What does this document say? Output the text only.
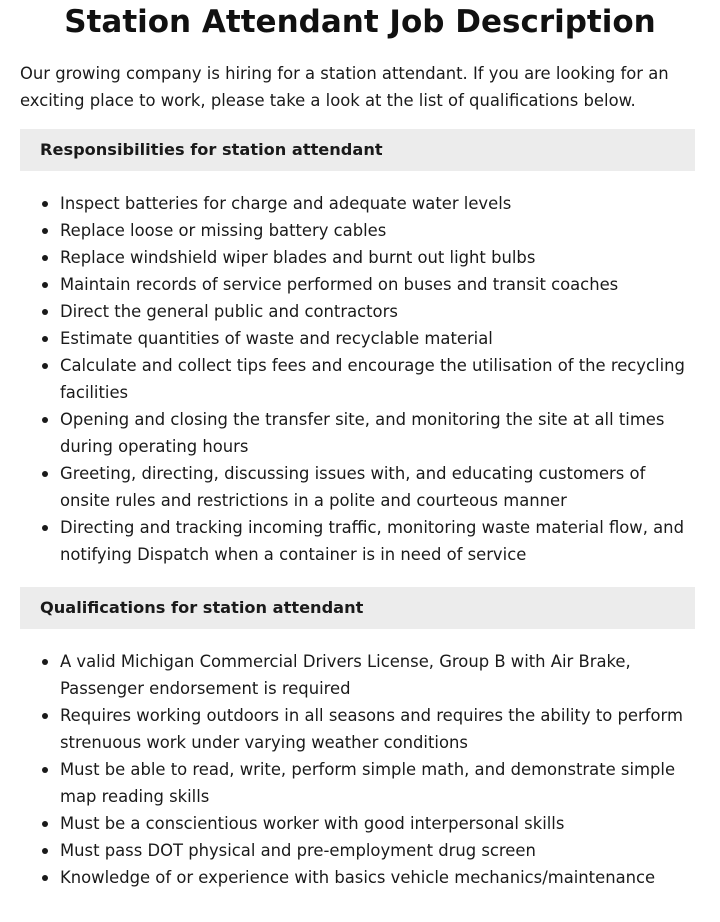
Station Attendant Job Description

Our growing company is hiring for a station attendant. If you are looking for an exciting place to work, please take a look at the list of qualifications below.

Responsibilities for station attendant
Inspect batteries for charge and adequate water levels
Replace loose or missing battery cables
Replace windshield wiper blades and burnt out light bulbs
Maintain records of service performed on buses and transit coaches
Direct the general public and contractors
Estimate quantities of waste and recyclable material
Calculate and collect tips fees and encourage the utilisation of the recycling facilities
Opening and closing the transfer site, and monitoring the site at all times during operating hours
Greeting, directing, discussing issues with, and educating customers of onsite rules and restrictions in a polite and courteous manner
Directing and tracking incoming traffic, monitoring waste material flow, and notifying Dispatch when a container is in need of service
Qualifications for station attendant
A valid Michigan Commercial Drivers License, Group B with Air Brake, Passenger endorsement is required
Requires working outdoors in all seasons and requires the ability to perform strenuous work under varying weather conditions
Must be able to read, write, perform simple math, and demonstrate simple map reading skills
Must be a conscientious worker with good interpersonal skills
Must pass DOT physical and pre-employment drug screen
Knowledge of or experience with basics vehicle mechanics/maintenance
